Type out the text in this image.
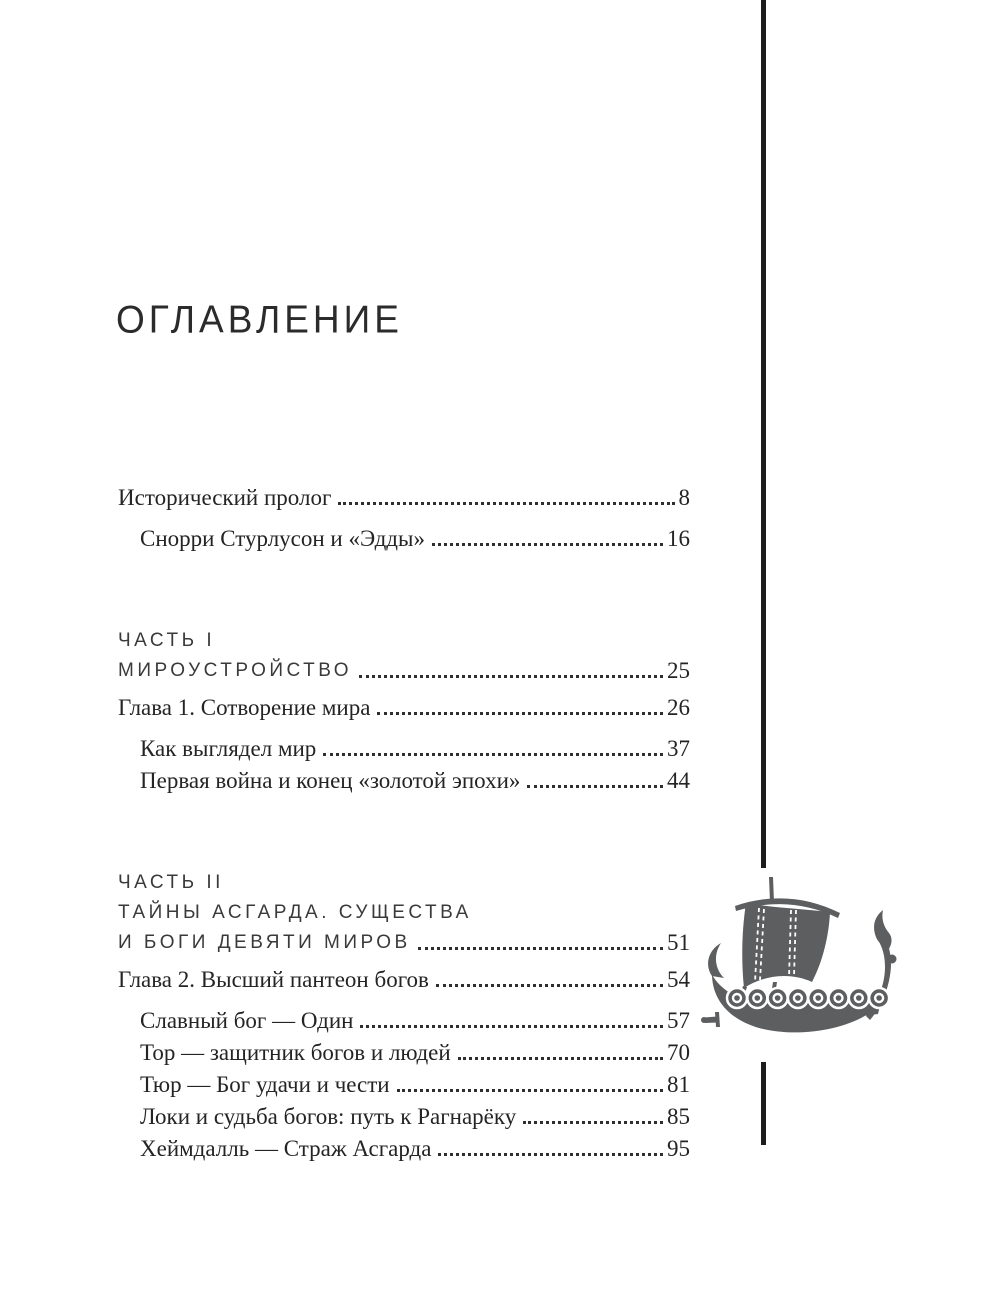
ОГЛАВЛЕНИЕ
Исторический пролог	8
Снорри Стурлусон и «Эдды»	16
ЧАСТЬ I
МИРОУСТРОЙСТВО	25
Глава 1. Сотворение мира	26
Как выглядел мир	37
Первая война и конец «золотой эпохи»	44
ЧАСТЬ II
ТАЙНЫ АСГАРДА. СУЩЕСТВА
И БОГИ ДЕВЯТИ МИРОВ	51
Глава 2. Высший пантеон богов	54
Славный бог — Один	57
Тор — защитник богов и людей	70
Тюр — Бог удачи и чести	81
Локи и судьба богов: путь к Рагнарёку	85
Хеймдалль — Страж Асгарда	95
